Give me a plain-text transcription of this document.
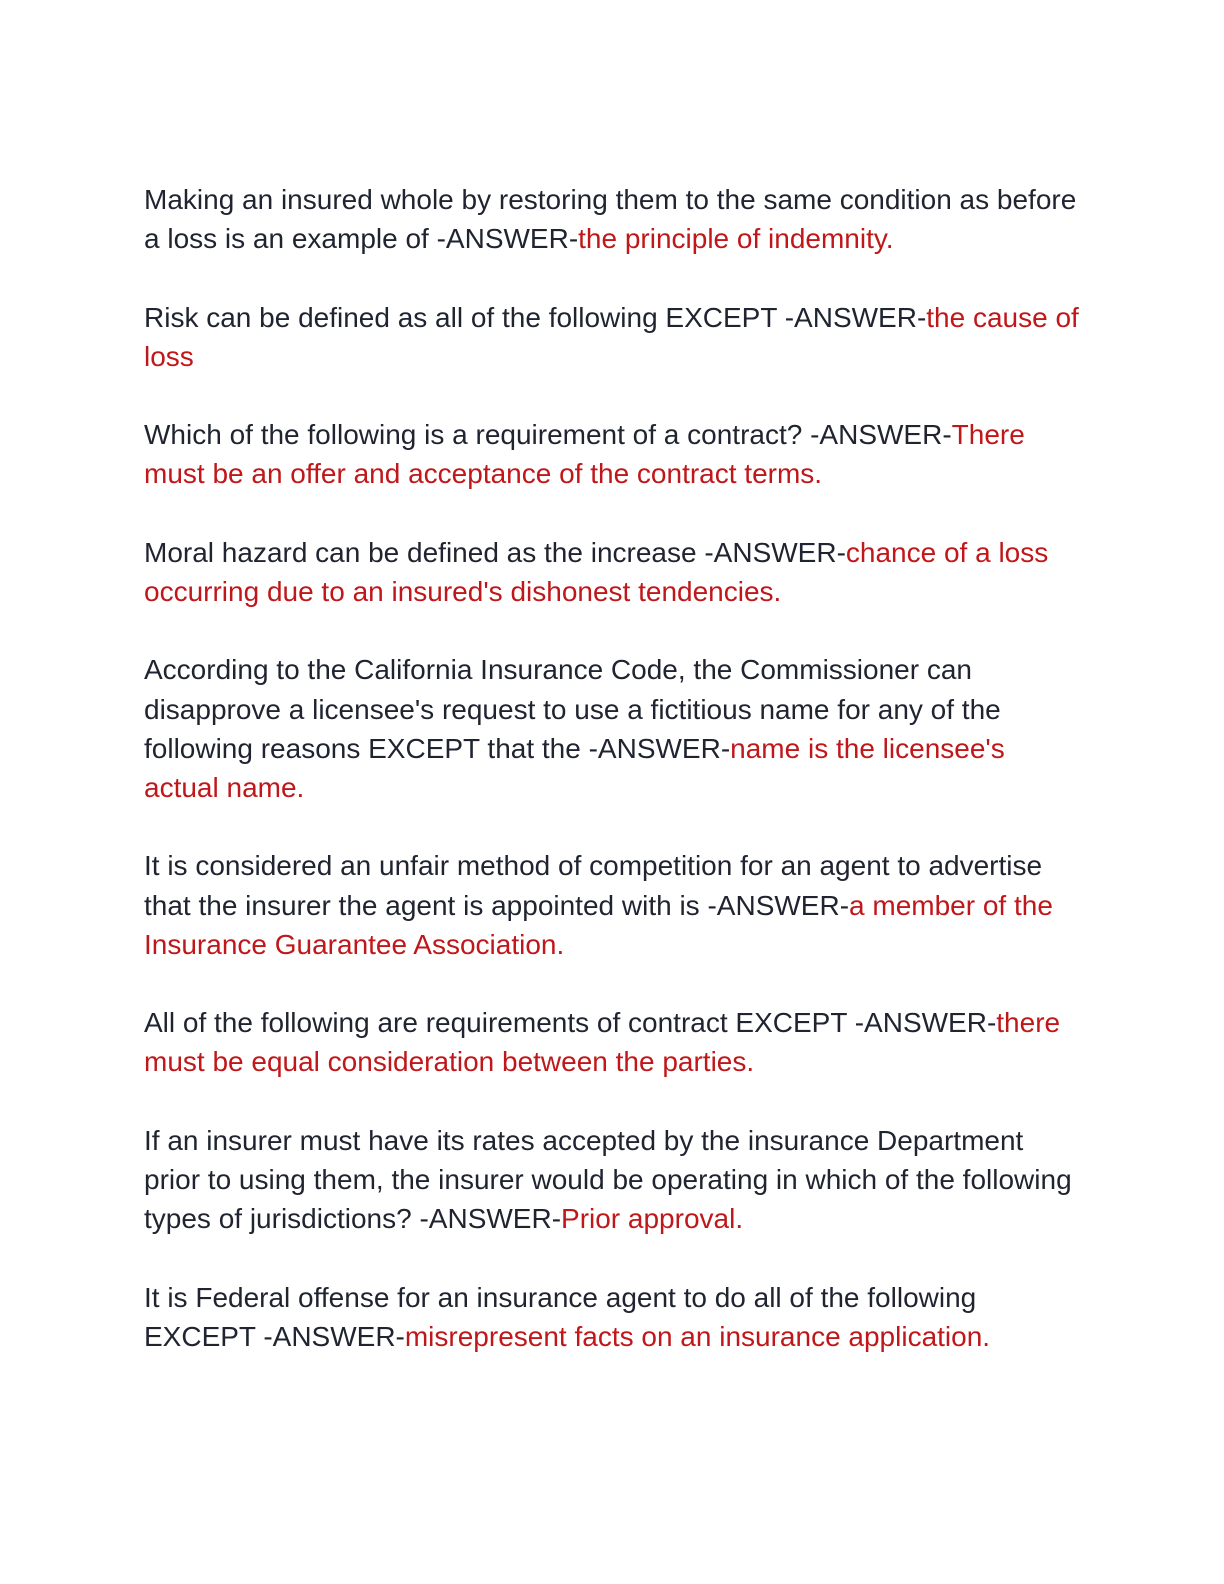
Making an insured whole by restoring them to the same condition as before a loss is an example of -ANSWER-the principle of indemnity.

Risk can be defined as all of the following EXCEPT -ANSWER-the cause of loss

Which of the following is a requirement of a contract? -ANSWER-There must be an offer and acceptance of the contract terms.

Moral hazard can be defined as the increase -ANSWER-chance of a loss occurring due to an insured's dishonest tendencies.

According to the California Insurance Code, the Commissioner can disapprove a licensee's request to use a fictitious name for any of the following reasons EXCEPT that the -ANSWER-name is the licensee's actual name.

It is considered an unfair method of competition for an agent to advertise that the insurer the agent is appointed with is -ANSWER-a member of the Insurance Guarantee Association.

All of the following are requirements of contract EXCEPT -ANSWER-there must be equal consideration between the parties.

If an insurer must have its rates accepted by the insurance Department prior to using them, the insurer would be operating in which of the following types of jurisdictions? -ANSWER-Prior approval.

It is Federal offense for an insurance agent to do all of the following EXCEPT -ANSWER-misrepresent facts on an insurance application.
